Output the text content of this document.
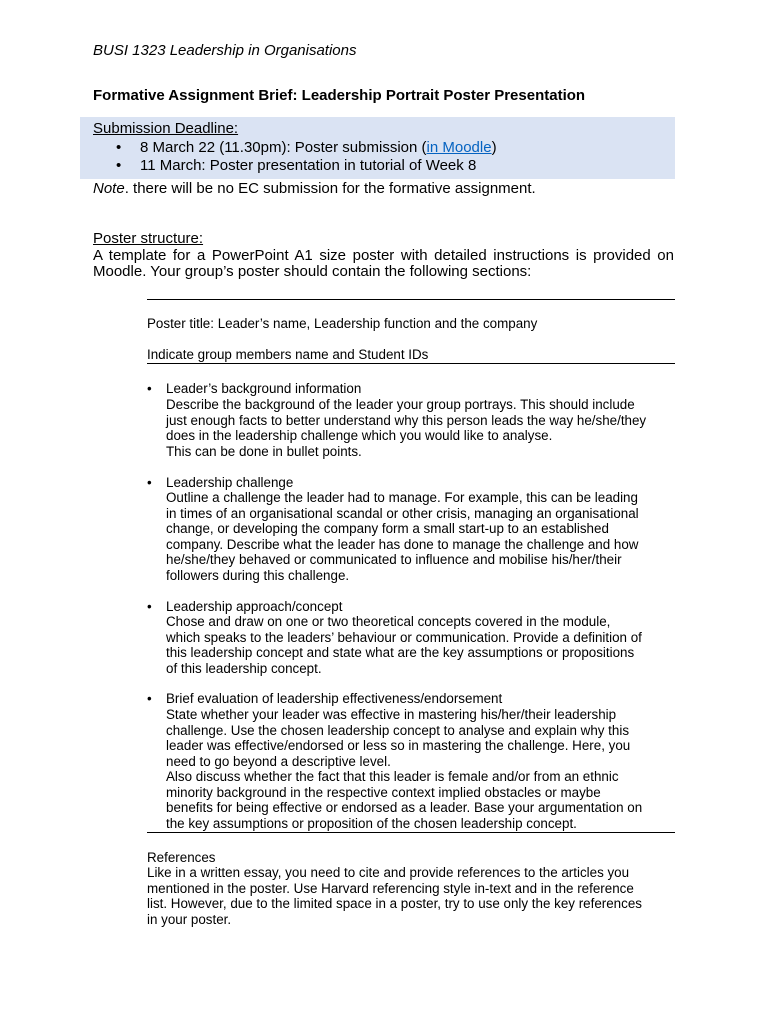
BUSI 1323 Leadership in Organisations
Formative Assignment Brief: Leadership Portrait Poster Presentation
Submission Deadline:
• 8 March 22 (11.30pm): Poster submission (in Moodle)
• 11 March: Poster presentation in tutorial of Week 8
Note. there will be no EC submission for the formative assignment.
Poster structure:
A template for a PowerPoint A1 size poster with detailed instructions is provided on Moodle. Your group’s poster should contain the following sections:
Poster title: Leader’s name, Leadership function and the company
Indicate group members name and Student IDs
• Leader’s background information
Describe the background of the leader your group portrays. This should include
just enough facts to better understand why this person leads the way he/she/they
does in the leadership challenge which you would like to analyse.
This can be done in bullet points.
• Leadership challenge
Outline a challenge the leader had to manage. For example, this can be leading
in times of an organisational scandal or other crisis, managing an organisational
change, or developing the company form a small start-up to an established
company. Describe what the leader has done to manage the challenge and how
he/she/they behaved or communicated to influence and mobilise his/her/their
followers during this challenge.
• Leadership approach/concept
Chose and draw on one or two theoretical concepts covered in the module,
which speaks to the leaders’ behaviour or communication. Provide a definition of
this leadership concept and state what are the key assumptions or propositions
of this leadership concept.
• Brief evaluation of leadership effectiveness/endorsement
State whether your leader was effective in mastering his/her/their leadership
challenge. Use the chosen leadership concept to analyse and explain why this
leader was effective/endorsed or less so in mastering the challenge. Here, you
need to go beyond a descriptive level.
Also discuss whether the fact that this leader is female and/or from an ethnic
minority background in the respective context implied obstacles or maybe
benefits for being effective or endorsed as a leader. Base your argumentation on
the key assumptions or proposition of the chosen leadership concept.
References
Like in a written essay, you need to cite and provide references to the articles you
mentioned in the poster. Use Harvard referencing style in-text and in the reference
list. However, due to the limited space in a poster, try to use only the key references
in your poster.
